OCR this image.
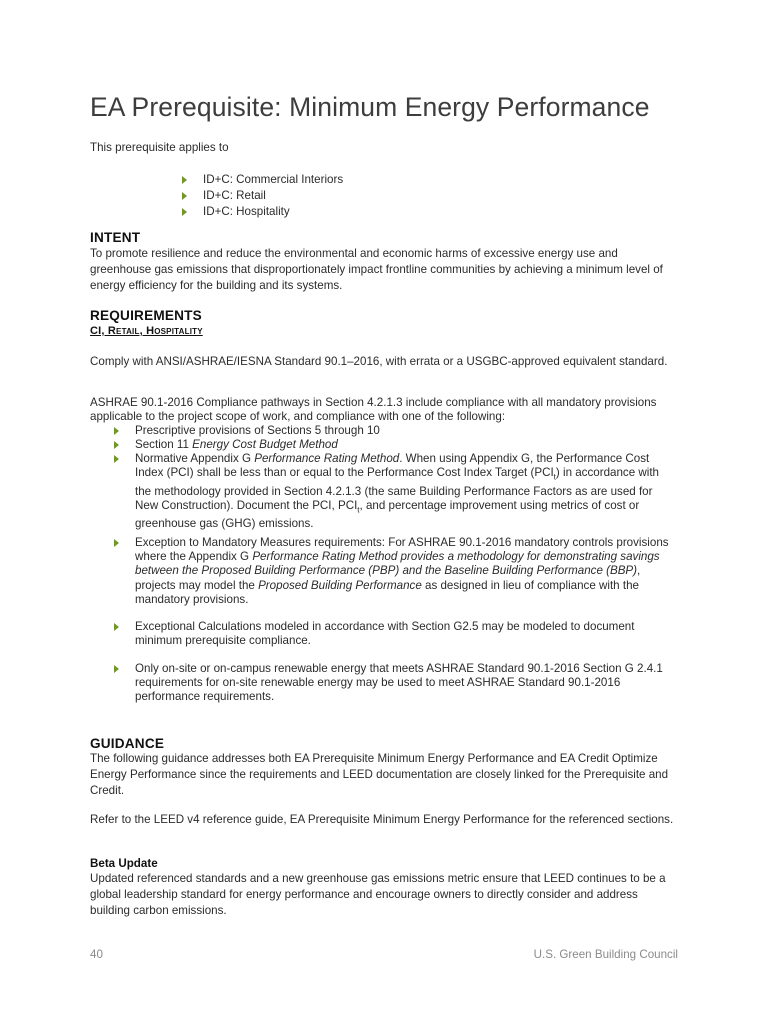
EA Prerequisite: Minimum Energy Performance

This prerequisite applies to

ID+C: Commercial Interiors
ID+C: Retail
ID+C: Hospitality
INTENT

To promote resilience and reduce the environmental and economic harms of excessive energy use and greenhouse gas emissions that disproportionately impact frontline communities by achieving a minimum level of energy efficiency for the building and its systems.

REQUIREMENTS

CI, Retail, Hospitality

Comply with ANSI/ASHRAE/IESNA Standard 90.1–2016, with errata or a USGBC-approved equivalent standard.

ASHRAE 90.1-2016 Compliance pathways in Section 4.2.1.3 include compliance with all mandatory provisions applicable to the project scope of work, and compliance with one of the following:

Prescriptive provisions of Sections 5 through 10
Section 11 Energy Cost Budget Method
Normative Appendix G Performance Rating Method. When using Appendix G, the Performance Cost Index (PCI) shall be less than or equal to the Performance Cost Index Target $(PCI_t)$ in accordance with the methodology provided in Section 4.2.1.3 (the same Building Performance Factors as are used for New Construction). Document the PCI, $PCI_t$, and percentage improvement using metrics of cost or greenhouse gas (GHG) emissions.
Exception to Mandatory Measures requirements: For ASHRAE 90.1-2016 mandatory controls provisions where the Appendix G Performance Rating Method provides a methodology for demonstrating savings between the Proposed Building Performance (PBP) and the Baseline Building Performance (BBP), projects may model the Proposed Building Performance as designed in lieu of compliance with the mandatory provisions.
Exceptional Calculations modeled in accordance with Section G2.5 may be modeled to document minimum prerequisite compliance.
Only on-site or on-campus renewable energy that meets ASHRAE Standard 90.1-2016 Section G 2.4.1 requirements for on-site renewable energy may be used to meet ASHRAE Standard 90.1-2016 performance requirements.
GUIDANCE

The following guidance addresses both EA Prerequisite Minimum Energy Performance and EA Credit Optimize Energy Performance since the requirements and LEED documentation are closely linked for the Prerequisite and Credit.

Refer to the LEED v4 reference guide, EA Prerequisite Minimum Energy Performance for the referenced sections.

Beta Update

Updated referenced standards and a new greenhouse gas emissions metric ensure that LEED continues to be a global leadership standard for energy performance and encourage owners to directly consider and address building carbon emissions.

40	U.S. Green Building Council
